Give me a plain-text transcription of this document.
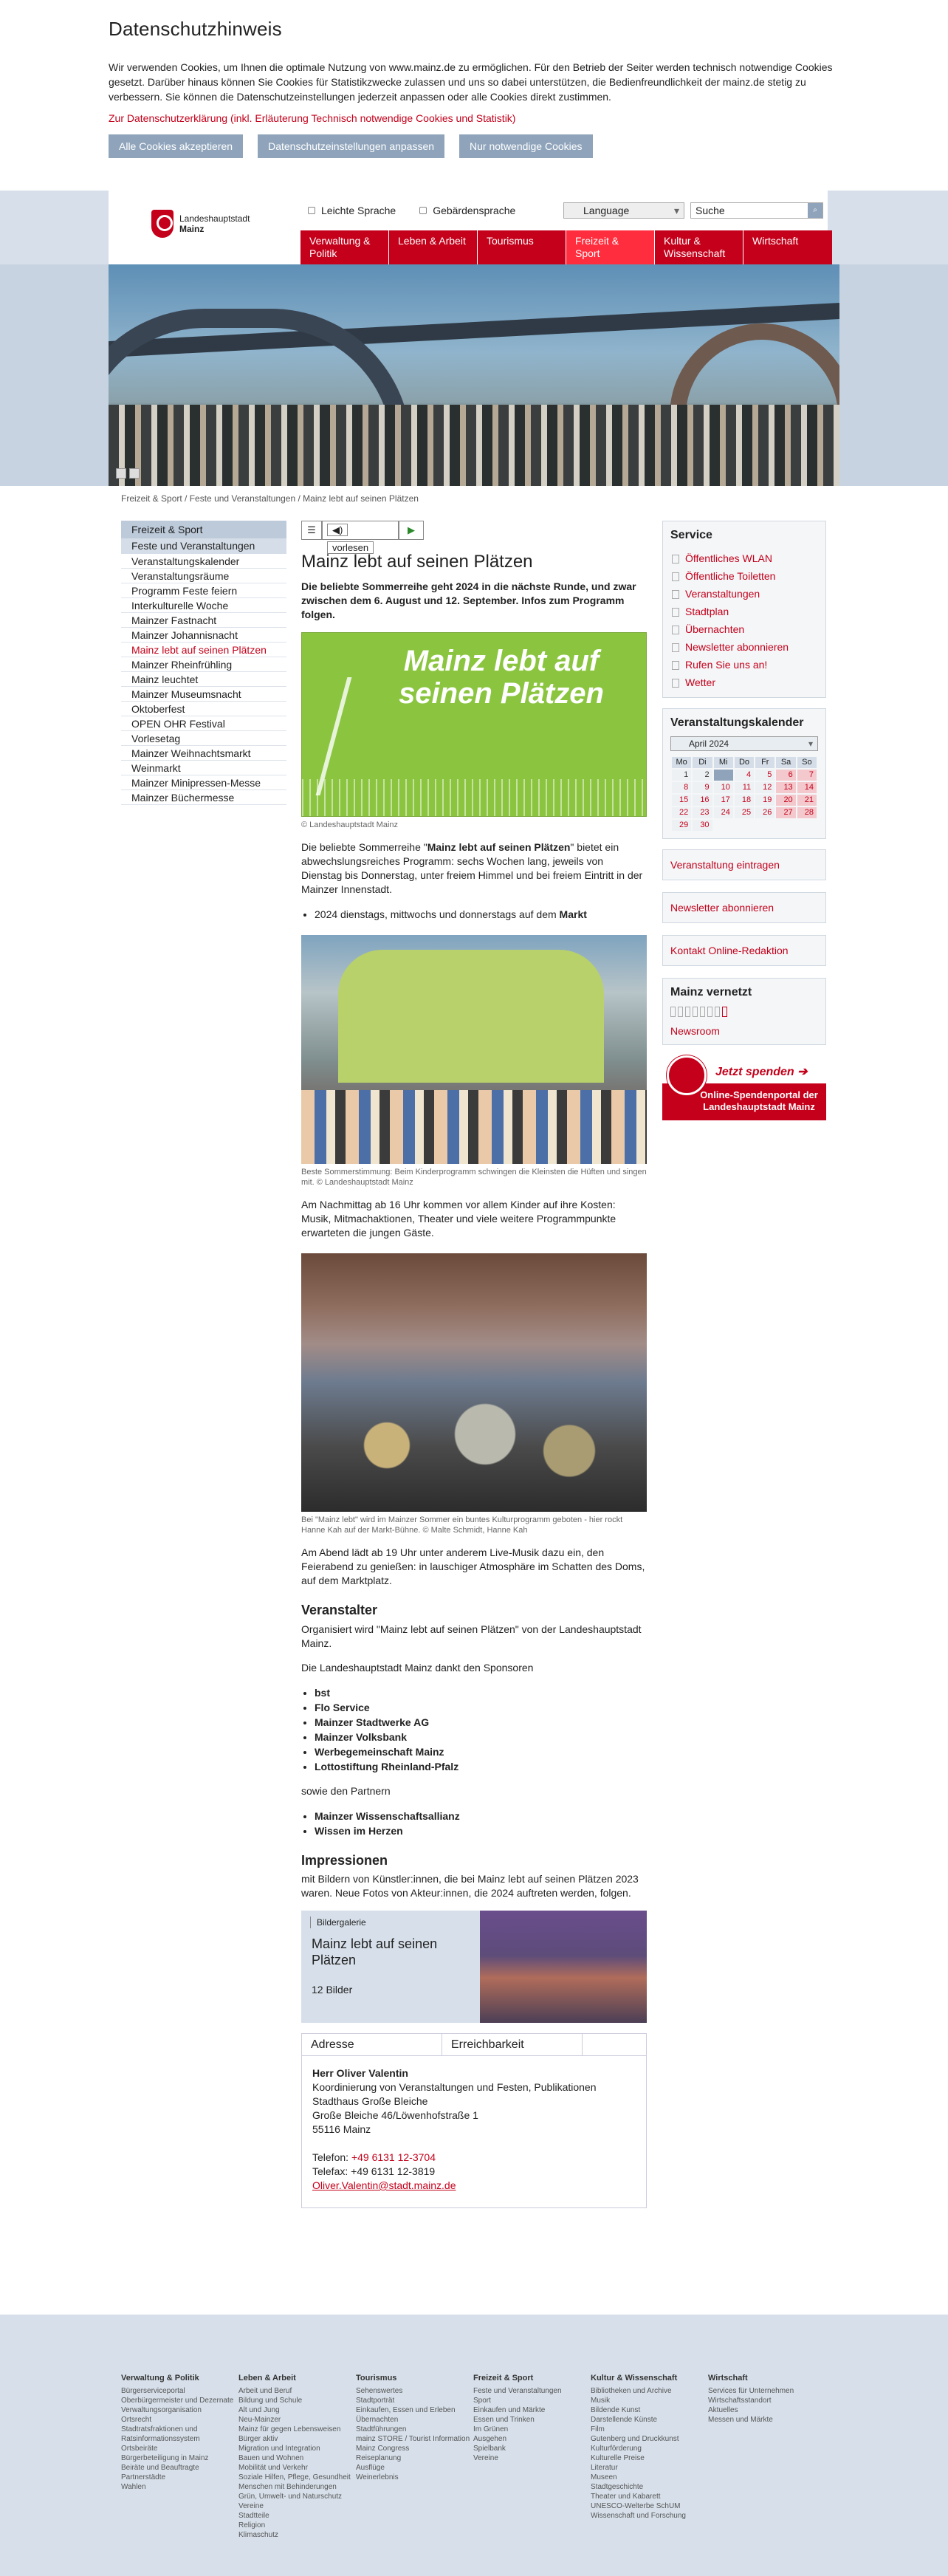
Datenschutzhinweis

Wir verwenden Cookies, um Ihnen die optimale Nutzung von www.mainz.de zu ermöglichen. Für den Betrieb der Seiter werden technisch notwendige Cookies gesetzt. Darüber hinaus können Sie Cookies für Statistikzwecke zulassen und uns so dabei unterstützen, die Bedienfreundlichkeit der mainz.de stetig zu verbessern. Sie können die Datenschutzeinstellungen jederzeit anpassen oder alle Cookies direkt zustimmen.

Zur Datenschutzerklärung (inkl. Erläuterung Technisch notwendige Cookies und Statistik)
Alle Cookies akzeptieren	Datenschutzeinstellungen anpassen	Nur notwendige Cookies
Landeshauptstadt
Mainz
Leichte Sprache	Gebärdensprache	Language ▾	Suche	⌕
Verwaltung & Politik
Leben & Arbeit	Tourismus	Freizeit & Sport
Kultur & Wissenschaft
Wirtschaft
Freizeit & Sport / Feste und Veranstaltungen / Mainz lebt auf seinen Plätzen
Freizeit & Sport
Feste und Veranstaltungen
Veranstaltungskalender
Veranstaltungsräume
Programm Feste feiern
Interkulturelle Woche
Mainzer Fastnacht
Mainzer Johannisnacht
Mainz lebt auf seinen Plätzen
Mainzer Rheinfrühling
Mainz leuchtet
Mainzer Museumsnacht
Oktoberfest
OPEN OHR Festival
Vorlesetag
Mainzer Weihnachtsmarkt
Weinmarkt
Mainzer Minipressen-Messe
Mainzer Büchermesse
☰	◀) vorlesen
▶
Mainz lebt auf seinen Plätzen

Die beliebte Sommerreihe geht 2024 in die nächste Runde, und zwar zwischen dem 6. August und 12. September. Infos zum Programm folgen.

Mainz lebt auf seinen Plätzen
© Landeshauptstadt Mainz

Die beliebte Sommerreihe "Mainz lebt auf seinen Plätzen" bietet ein abwechslungsreiches Programm: sechs Wochen lang, jeweils von Dienstag bis Donnerstag, unter freiem Himmel und bei freiem Eintritt in der Mainzer Innenstadt.

• 2024 dienstags, mittwochs und donnerstags auf dem Markt
Beste Sommerstimmung: Beim Kinderprogramm schwingen die Kleinsten die Hüften und singen mit. © Landeshauptstadt Mainz

Am Nachmittag ab 16 Uhr kommen vor allem Kinder auf ihre Kosten: Musik, Mitmachaktionen, Theater und viele weitere Programmpunkte erwarteten die jungen Gäste.

Bei "Mainz lebt" wird im Mainzer Sommer ein buntes Kulturprogramm geboten - hier rockt Hanne Kah auf der Markt-Bühne. © Malte Schmidt, Hanne Kah

Am Abend lädt ab 19 Uhr unter anderem Live-Musik dazu ein, den Feierabend zu genießen: in lauschiger Atmosphäre im Schatten des Doms, auf dem Marktplatz.

Veranstalter

Organisiert wird "Mainz lebt auf seinen Plätzen" von der Landeshauptstadt Mainz.

Die Landeshauptstadt Mainz dankt den Sponsoren

• bst
• Flo Service
• Mainzer Stadtwerke AG
• Mainzer Volksbank
• Werbegemeinschaft Mainz
• Lottostiftung Rheinland-Pfalz

sowie den Partnern

• Mainzer Wissenschaftsallianz
• Wissen im Herzen
Impressionen

mit Bildern von Künstler:innen, die bei Mainz lebt auf seinen Plätzen 2023 waren. Neue Fotos von Akteur:innen, die 2024 auftreten werden, folgen.

Bildergalerie
Mainz lebt auf seinen Plätzen
12 Bilder
Adresse	Erreichbarkeit
Herr Oliver Valentin
Koordinierung von Veranstaltungen und Festen, Publikationen
Stadthaus Große Bleiche
Große Bleiche 46/Löwenhofstraße 1
55116 Mainz

Telefon: +49 6131 12-3704
Telefax: +49 6131 12-3819
Oliver.Valentin@stadt.mainz.de
Service
Öffentliches WLAN
Öffentliche Toiletten
Veranstaltungen
Stadtplan
Übernachten
Newsletter abonnieren
Rufen Sie uns an!
Wetter
Veranstaltungskalender
April 2024 ▾
Mo	Di	Mi	Do	Fr	Sa	So
1	2	3	4	5	6	7
8	9	10	11	12	13	14
15	16	17	18	19	20	21
22	23	24	25	26	27	28
29	30					
Veranstaltung eintragen
Newsletter abonnieren
Kontakt Online-Redaktion
Mainz vernetzt
Newsroom
Online-Spendenportal der Landeshauptstadt Mainz
Jetzt spenden ➔
Verwaltung & Politik
Bürgerserviceportal
Oberbürgermeister und Dezernate
Verwaltungsorganisation
Ortsrecht
Stadtratsfraktionen und Ratsinformationssystem
Ortsbeiräte
Bürgerbeteiligung in Mainz
Beiräte und Beauftragte
Partnerstädte
Wahlen
Leben & Arbeit
Arbeit und Beruf
Bildung und Schule
Alt und Jung
Neu-Mainzer
Mainz für gegen Lebensweisen
Bürger aktiv
Migration und Integration
Bauen und Wohnen
Mobilität und Verkehr
Soziale Hilfen, Pflege, Gesundheit
Menschen mit Behinderungen
Grün, Umwelt- und Naturschutz
Vereine
Stadtteile
Religion
Klimaschutz
Tourismus
Sehenswertes
Stadtporträt
Einkaufen, Essen und Erleben
Übernachten
Stadtführungen
mainz STORE / Tourist Information
Mainz Congress
Reiseplanung
Ausflüge
Weinerlebnis
Freizeit & Sport
Feste und Veranstaltungen
Sport
Einkaufen und Märkte
Essen und Trinken
Im Grünen
Ausgehen
Spielbank
Vereine
Kultur & Wissenschaft
Bibliotheken und Archive
Musik
Bildende Kunst
Darstellende Künste
Film
Gutenberg und Druckkunst
Kulturförderung
Kulturelle Preise
Literatur
Museen
Stadtgeschichte
Theater und Kabarett
UNESCO-Welterbe SchUM
Wissenschaft und Forschung
Wirtschaft
Services für Unternehmen
Wirtschaftsstandort
Aktuelles
Messen und Märkte
